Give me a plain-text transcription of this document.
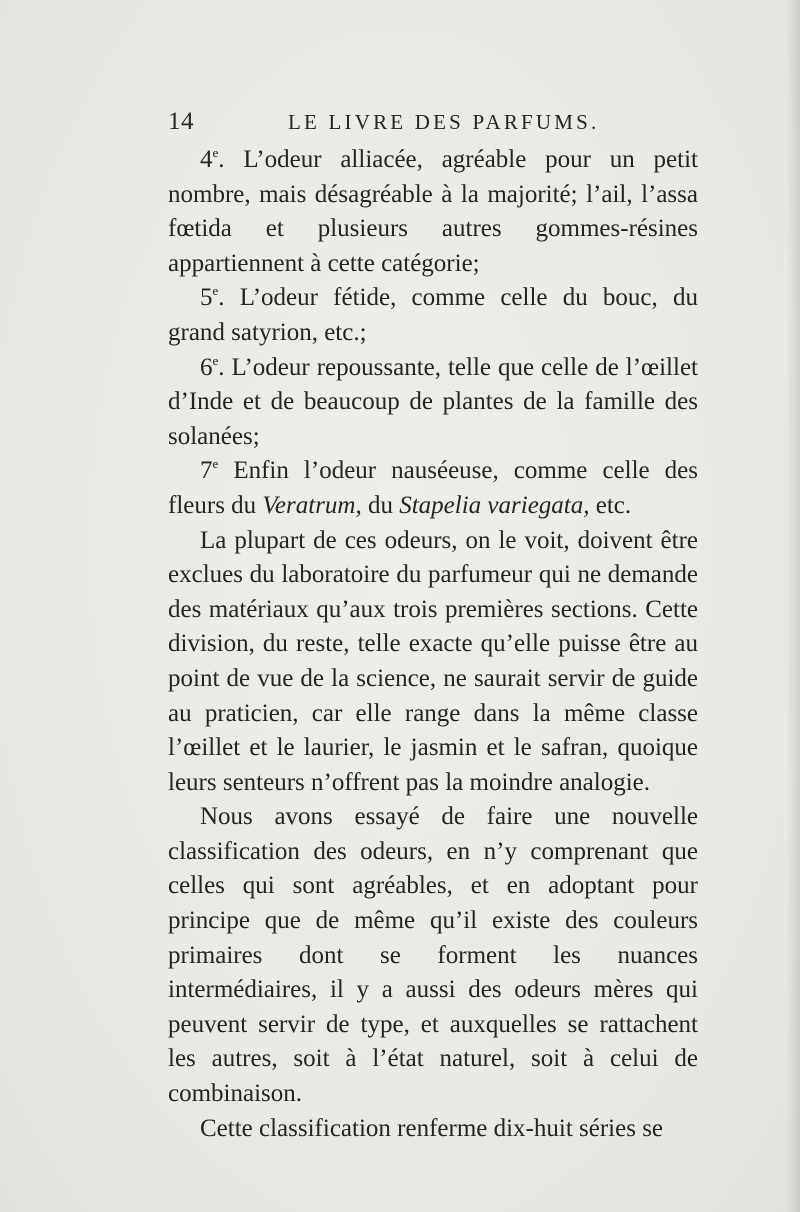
14	LE LIVRE DES PARFUMS.

4e. L’odeur alliacée, agréable pour un petit nombre, mais désagréable à la majorité; l’ail, l’assa fœtida et plusieurs autres gommes-résines appartiennent à cette catégorie;

5e. L’odeur fétide, comme celle du bouc, du grand satyrion, etc.;

6e. L’odeur repoussante, telle que celle de l’œillet d’Inde et de beaucoup de plantes de la famille des solanées;

7e Enfin l’odeur nauséeuse, comme celle des fleurs du Veratrum, du Stapelia variegata, etc.

La plupart de ces odeurs, on le voit, doivent être exclues du laboratoire du parfumeur qui ne demande des matériaux qu’aux trois premières sections. Cette division, du reste, telle exacte qu’elle puisse être au point de vue de la science, ne saurait servir de guide au praticien, car elle range dans la même classe l’œillet et le laurier, le jasmin et le safran, quoique leurs senteurs n’offrent pas la moindre analogie.

Nous avons essayé de faire une nouvelle classification des odeurs, en n’y comprenant que celles qui sont agréables, et en adoptant pour principe que de même qu’il existe des couleurs primaires dont se forment les nuances intermédiaires, il y a aussi des odeurs mères qui peuvent servir de type, et auxquelles se rattachent les autres, soit à l’état naturel, soit à celui de combinaison.

Cette classification renferme dix-huit séries se
